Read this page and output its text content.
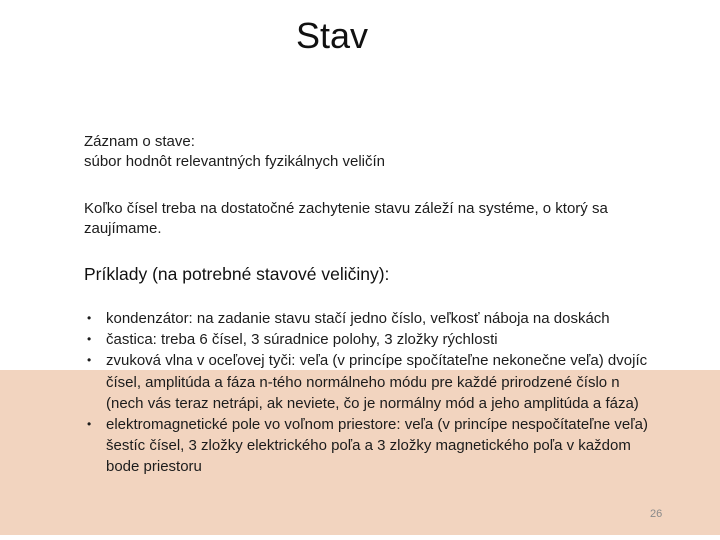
Stav
Záznam o stave:
súbor hodnôt relevantných fyzikálnych veličín
Koľko čísel treba na dostatočné zachytenie stavu záleží na systéme, o ktorý sa zaujímame.
Príklady (na potrebné stavové veličiny):
• kondenzátor: na zadanie stavu stačí jedno číslo, veľkosť náboja na doskách
• častica: treba 6 čísel, 3 súradnice polohy, 3 zložky rýchlosti
• zvuková vlna v oceľovej tyči: veľa (v princípe spočítateľne nekonečne veľa) dvojíc čísel, amplitúda a fáza n-tého normálneho módu pre každé prirodzené číslo n (nech vás teraz netrápi, ak neviete, čo je normálny mód a jeho amplitúda a fáza)
• elektromagnetické pole vo voľnom priestore: veľa (v princípe nespočítateľne veľa) šestíc čísel, 3 zložky elektrického poľa a 3 zložky magnetického poľa v každom bode priestoru
26
